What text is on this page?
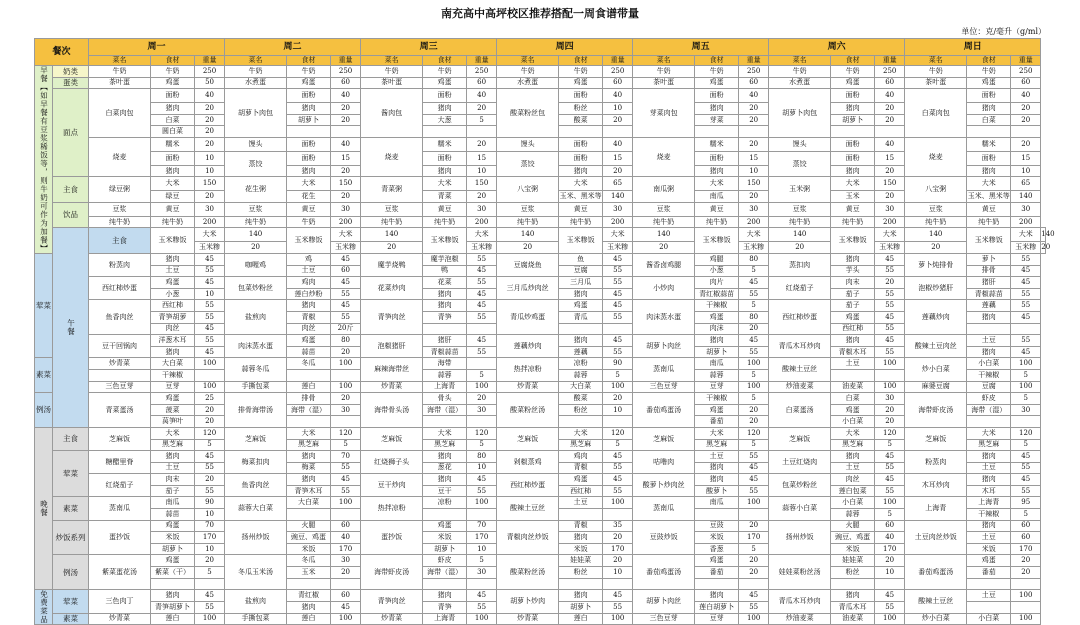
南充高中高坪校区推荐搭配一周食谱带量
单位：克/毫升（g/ml）
餐次		周一			周二			周三			周四			周五			周六			周日			
		菜名	食材	重量	菜名	食材	重量	菜名	食材	重量	菜名	食材	重量	菜名	食材	重量	菜名	食材	重量	菜名	食材	重量	
早餐【如早餐有豆浆稀饭等，则牛奶可作为加餐】	奶类	牛奶	牛奶	250	牛奶	牛奶	250	牛奶	牛奶	250	牛奶	牛奶	250	牛奶	牛奶	250	牛奶	牛奶	250	牛奶	牛奶	250	
	蛋类	茶叶蛋	鸡蛋	50	水煮蛋	鸡蛋	60	茶叶蛋	鸡蛋	60	水煮蛋	鸡蛋	60	茶叶蛋	鸡蛋	60	水煮蛋	鸡蛋	60	茶叶蛋	鸡蛋	60	
	面点	白菜肉包	面粉	40	胡萝卜肉包	面粉	40	酱肉包	面粉	40	酸菜粉丝包	面粉	40	芽菜肉包	面粉	40	胡萝卜肉包	面粉	40	白菜肉包	面粉	40	
			猪肉	20		猪肉	20		猪肉	20		粉丝	10		猪肉	20		猪肉	20		猪肉	20	
			白菜	20		胡萝卜	20		大葱	5		酸菜	20		芽菜	20		胡萝卜	20		白菜	20	
			圆白菜	20																			
		烧麦	糯米	20	馒头	面粉	40	烧麦	糯米	20	馒头	面粉	40	烧麦	糯米	20	馒头	面粉	40	烧麦	糯米	20	
			面粉	10	蒸饺	面粉	15		面粉	15	蒸饺	面粉	15		面粉	15	蒸饺	面粉	15		面粉	15	
			猪肉	10		猪肉	20		猪肉	10		猪肉	20		猪肉	10		猪肉	20		猪肉	10	
	主食	绿豆粥	大米	150	花生粥	大米	150	青菜粥	大米	150	八宝粥	大米	65	南瓜粥	大米	150	玉米粥	大米	150	八宝粥	大米	65	
			绿豆	20		花生	20		青菜	20		玉米、黑米等	140		南瓜	20		玉米	20		玉米、黑米等	140	
	饮品	豆浆	黄豆	30	豆浆	黄豆	30	豆浆	黄豆	30	豆浆	黄豆	30	豆浆	黄豆	30	豆浆	黄豆	30	豆浆	黄豆	30	
		纯牛奶	纯牛奶	200	纯牛奶	牛奶	200	纯牛奶	纯牛奶	200	纯牛奶	纯牛奶	200	纯牛奶	纯牛奶	200	纯牛奶	纯牛奶	200	纯牛奶	纯牛奶	200	
	午餐	主食	玉米糁饭	大米	140	玉米糁饭	大米	140	玉米糁饭	大米	140	玉米糁饭	大米	140	玉米糁饭	大米	140	玉米糁饭	大米	140	玉米糁饭	大米	140
				玉米糁	20		玉米糁	20		玉米糁	20		玉米糁	20		玉米糁	20		玉米糁	20		玉米糁	20
荤菜		粉蒸肉	猪肉	45	咖喱鸡	鸡	45	魔芋烧鸭	魔芋泡椒	55	豆腐烧鱼	鱼	45	酱香卤鸡腿	鸡腿	80	蒸扣肉	猪肉	45	萝卜炖排骨	萝卜	55	
			土豆	55		土豆	60		鸭	45		豆腐	55		小葱	5		芋头	55		排骨	45	
		西红柿炒蛋	鸡蛋	45	包菜炒粉丝	鸡肉	45	花菜炒肉	花菜	55	三月瓜炒肉丝	三月瓜	55	小炒肉	肉片	45	红烧茄子	肉末	20	泡椒炒猪肝	猪肝	45	
			小葱	10		莲白炒粉	55		猪肉	45		猪肉	45		青红椒蒜苗	55		茄子	55		青椒蒜苗	55	
		鱼香肉丝	西红柿	55	盐煎肉	猪肉	45	青笋肉丝	猪肉	45	青瓜炒鸡蛋	鸡蛋	45	肉沫蒸水蛋	干辣椒	5	西红柿炒蛋	茄子	55	莲藕炒肉	莲藕	55	
			青笋胡萝	55		青椒	55		青笋	55		青瓜	55		鸡蛋	80		鸡蛋	45		猪肉	45	
			肉丝	45		肉丝	20斤								肉沫	20		西红柿	55				
		豆干回锅肉	洋葱木耳	55	肉沫蒸水蛋	鸡蛋	80	泡椒猪肝	猪肝	45	莲藕炒肉	猪肉	45	胡萝卜肉丝	猪肉	45	青瓜木耳炒肉	猪肉	45	酸辣土豆肉丝	土豆	55	
			猪肉	45		蒜苗	20		青椒蒜苗	55		莲藕	55		胡萝卜	55		青椒木耳	55		猪肉	45	
素菜		炒青菜	大白菜	100	蒜蓉冬瓜	冬瓜	100	麻辣海带丝	海带		热拌凉粉	凉粉	90	蒸南瓜	南瓜	100	酸辣土豆丝	土豆	100	炒小白菜	小白菜	100	
			干辣椒						蒜蓉	5		蒜蓉	5		蒜蓉	5					干辣椒	5	
		三色豆芽	豆芽	100	手撕包菜	莲白	100	炒青菜	上海青	100	炒青菜	大白菜	100	三色豆芽	豆芽	100	炒油麦菜	油麦菜	100	麻婆豆腐	豆腐	100	
例汤		青菜蛋汤	鸡蛋	25	排骨海带汤	排骨	20	海带骨头汤	骨头	20	酸菜粉丝汤	酸菜	20	番茄鸡蛋汤	干辣椒	5	白菜蛋汤	白菜	30	海带虾皮汤	虾皮	5	
			菠菜	20		海带（湿）	30		海带（湿）	30		粉丝	10		鸡蛋	20		鸡蛋	20		海带（湿）	30	
			莴笋叶	20											番茄	20		小白菜	20				
晚餐	主食	芝麻饭	大米	120	芝麻饭	大米	120	芝麻饭	大米	120	芝麻饭	大米	120	芝麻饭	大米	120	芝麻饭	大米	120	芝麻饭	大米	120	
			黑芝麻	5		黑芝麻	5		黑芝麻	5		黑芝麻	5		黑芝麻	5		黑芝麻	5		黑芝麻	5	
	荤菜	糖醋里脊	猪肉	45	梅菜扣肉	猪肉	70	红烧狮子头	猪肉	80	剁椒蒸鸡	鸡肉	45	咕噜肉	土豆	55	土豆红烧肉	猪肉	45	粉蒸肉	猪肉	45	
			土豆	55		梅菜	55		葱花	10		青椒	55		猪肉	45		土豆	55		土豆	55	
		红烧茄子	肉末	20	鱼香肉丝	猪肉	45	豆干炒肉	猪肉	45	西红柿炒蛋	鸡蛋	45	酸萝卜炒肉丝	猪肉	45	包菜炒粉丝	肉丝	45	木耳炒肉	猪肉	45	
			茄子	55		青笋木耳	55		豆干	55		西红柿	55		酸萝卜	55		莲白包菜	55		木耳	55	
	素菜	蒸南瓜	南瓜	90	蒜蓉大白菜	大白菜	100	热拌凉粉	凉粉	100	酸辣土豆丝	土豆	100	蒸南瓜	南瓜	100	蒜蓉小白菜	小白菜	100	上海青	上海青	95	
			蒜苗	10														蒜蓉	5		干辣椒	5	
	炒饭系列	蛋抄饭	鸡蛋	70	扬州炒饭	火腿	60	蛋抄饭	鸡蛋	70	青椒肉丝炒饭	青椒	35	豆豉炒饭	豆豉	20	扬州炒饭	火腿	60	土豆肉丝炒饭	猪肉	60	
			米饭	170		豌豆、鸡蛋	40		米饭	170		猪肉	20		米饭	170		豌豆、鸡蛋	40		土豆	60	
			胡萝卜	10		米饭	170		胡萝卜	10		米饭	170		香葱	5		米饭	170		米饭	170	
	例汤	紫菜蛋花汤	鸡蛋	20	冬瓜玉米汤	冬瓜	30	海带虾皮汤	虾皮	5	酸菜粉丝汤	娃娃菜	20	番茄鸡蛋汤	鸡蛋	20	娃娃菜粉丝汤	娃娃菜	20	番茄鸡蛋汤	鸡蛋	20	
			紫菜（干）	5		玉米	20		海带（湿）	30		粉丝	10		番茄	20		粉丝	10		番茄	20	

免费菜品	荤菜	三色肉丁	猪肉	45	盐煎肉	青红椒	60	青笋肉丝	猪肉	45	胡萝卜炒肉	猪肉	45	胡萝卜肉丝	猪肉	45	青瓜木耳炒肉	猪肉	45	酸辣土豆丝	土豆	100	
			青笋胡萝卜	55		猪肉	45		青笋	55		胡萝卜	55		莲白胡萝卜	55		青瓜木耳	55				
	素菜	炒青菜	莲白	100	手撕包菜	莲白	100	炒青菜	上海青	100	炒青菜	莲白	100	三色豆芽	豆芽	100	炒油麦菜	油麦菜	100	炒小白菜	小白菜	100	
